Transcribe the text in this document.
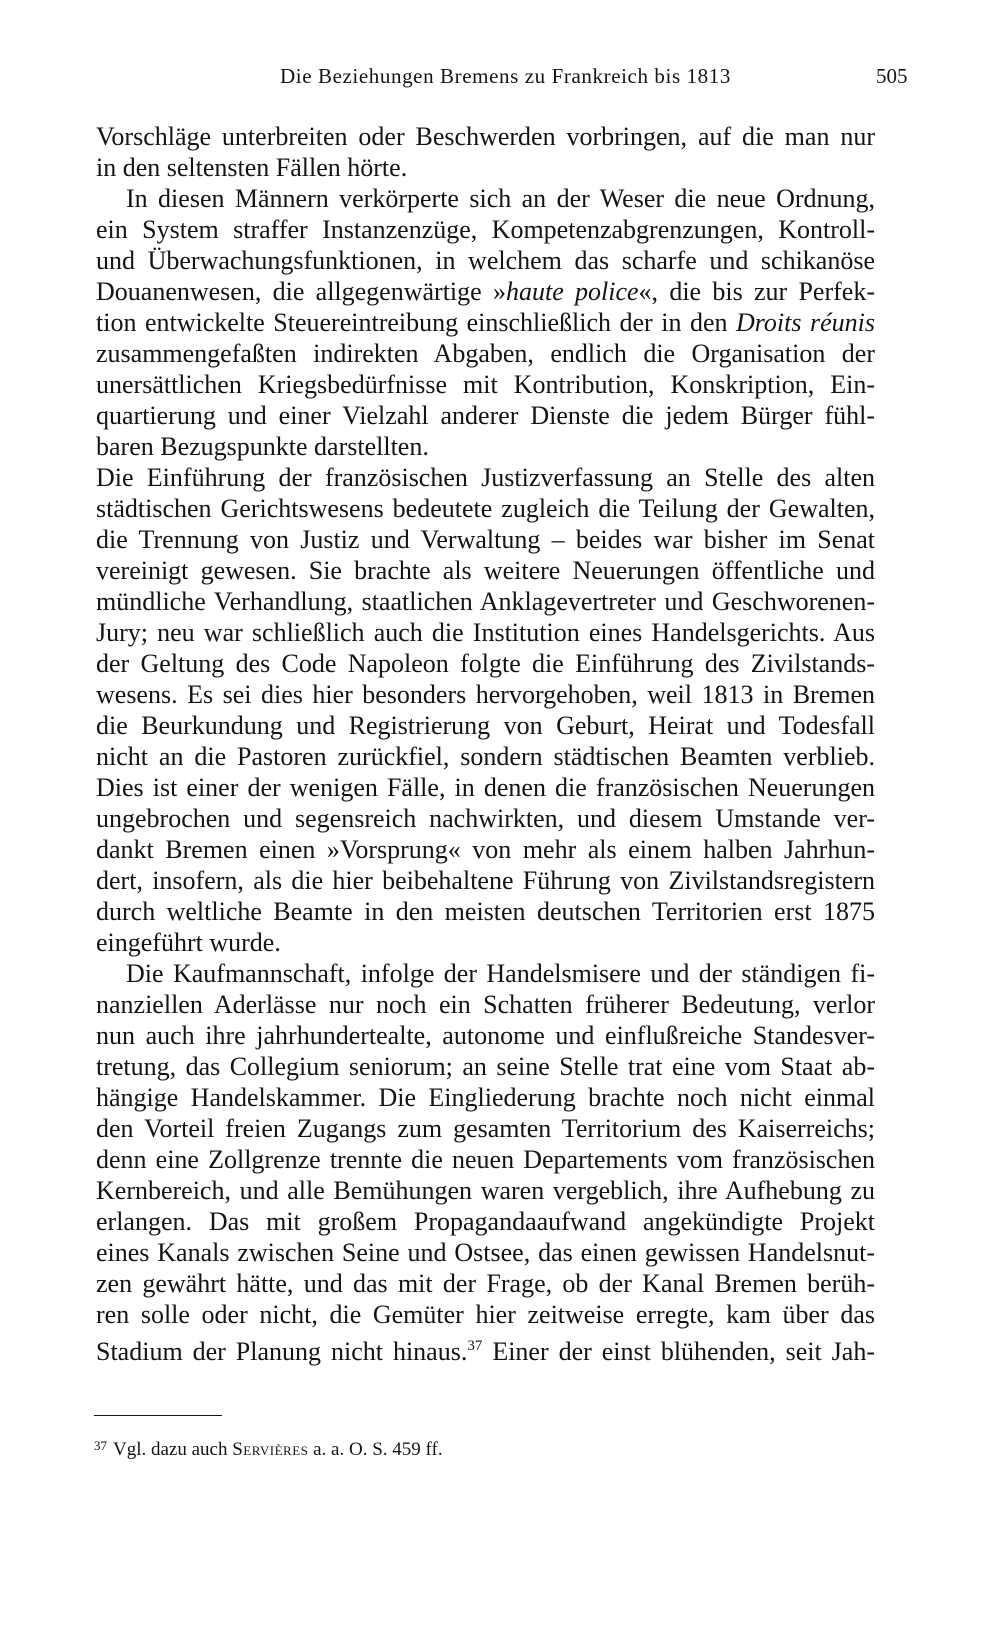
Die Beziehungen Bremens zu Frankreich bis 1813	505
Vorschläge unterbreiten oder Beschwerden vorbringen, auf die man nur
in den seltensten Fällen hörte.
In diesen Männern verkörperte sich an der Weser die neue Ordnung,
ein System straffer Instanzenzüge, Kompetenzabgrenzungen, Kontroll-
und Überwachungsfunktionen, in welchem das scharfe und schikanöse
Douanenwesen, die allgegenwärtige »haute police«, die bis zur Perfek-
tion entwickelte Steuereintreibung einschließlich der in den Droits réunis
zusammengefaßten indirekten Abgaben, endlich die Organisation der
unersättlichen Kriegsbedürfnisse mit Kontribution, Konskription, Ein-
quartierung und einer Vielzahl anderer Dienste die jedem Bürger fühl-
baren Bezugspunkte darstellten.
Die Einführung der französischen Justizverfassung an Stelle des alten
städtischen Gerichtswesens bedeutete zugleich die Teilung der Gewalten,
die Trennung von Justiz und Verwaltung – beides war bisher im Senat
vereinigt gewesen. Sie brachte als weitere Neuerungen öffentliche und
mündliche Verhandlung, staatlichen Anklagevertreter und Geschworenen-
Jury; neu war schließlich auch die Institution eines Handelsgerichts. Aus
der Geltung des Code Napoleon folgte die Einführung des Zivilstands-
wesens. Es sei dies hier besonders hervorgehoben, weil 1813 in Bremen
die Beurkundung und Registrierung von Geburt, Heirat und Todesfall
nicht an die Pastoren zurückfiel, sondern städtischen Beamten verblieb.
Dies ist einer der wenigen Fälle, in denen die französischen Neuerungen
ungebrochen und segensreich nachwirkten, und diesem Umstande ver-
dankt Bremen einen »Vorsprung« von mehr als einem halben Jahrhun-
dert, insofern, als die hier beibehaltene Führung von Zivilstandsregistern
durch weltliche Beamte in den meisten deutschen Territorien erst 1875
eingeführt wurde.
Die Kaufmannschaft, infolge der Handelsmisere und der ständigen fi-
nanziellen Aderlässe nur noch ein Schatten früherer Bedeutung, verlor
nun auch ihre jahrhundertealte, autonome und einflußreiche Standesver-
tretung, das Collegium seniorum; an seine Stelle trat eine vom Staat ab-
hängige Handelskammer. Die Eingliederung brachte noch nicht einmal
den Vorteil freien Zugangs zum gesamten Territorium des Kaiserreichs;
denn eine Zollgrenze trennte die neuen Departements vom französischen
Kernbereich, und alle Bemühungen waren vergeblich, ihre Aufhebung zu
erlangen. Das mit großem Propagandaaufwand angekündigte Projekt
eines Kanals zwischen Seine und Ostsee, das einen gewissen Handelsnut-
zen gewährt hätte, und das mit der Frage, ob der Kanal Bremen berüh-
ren solle oder nicht, die Gemüter hier zeitweise erregte, kam über das
Stadium der Planung nicht hinaus.$^{37}$ Einer der einst blühenden, seit Jah-
$^{37}$ Vgl. dazu auch Servières a. a. O. S. 459 ff.
